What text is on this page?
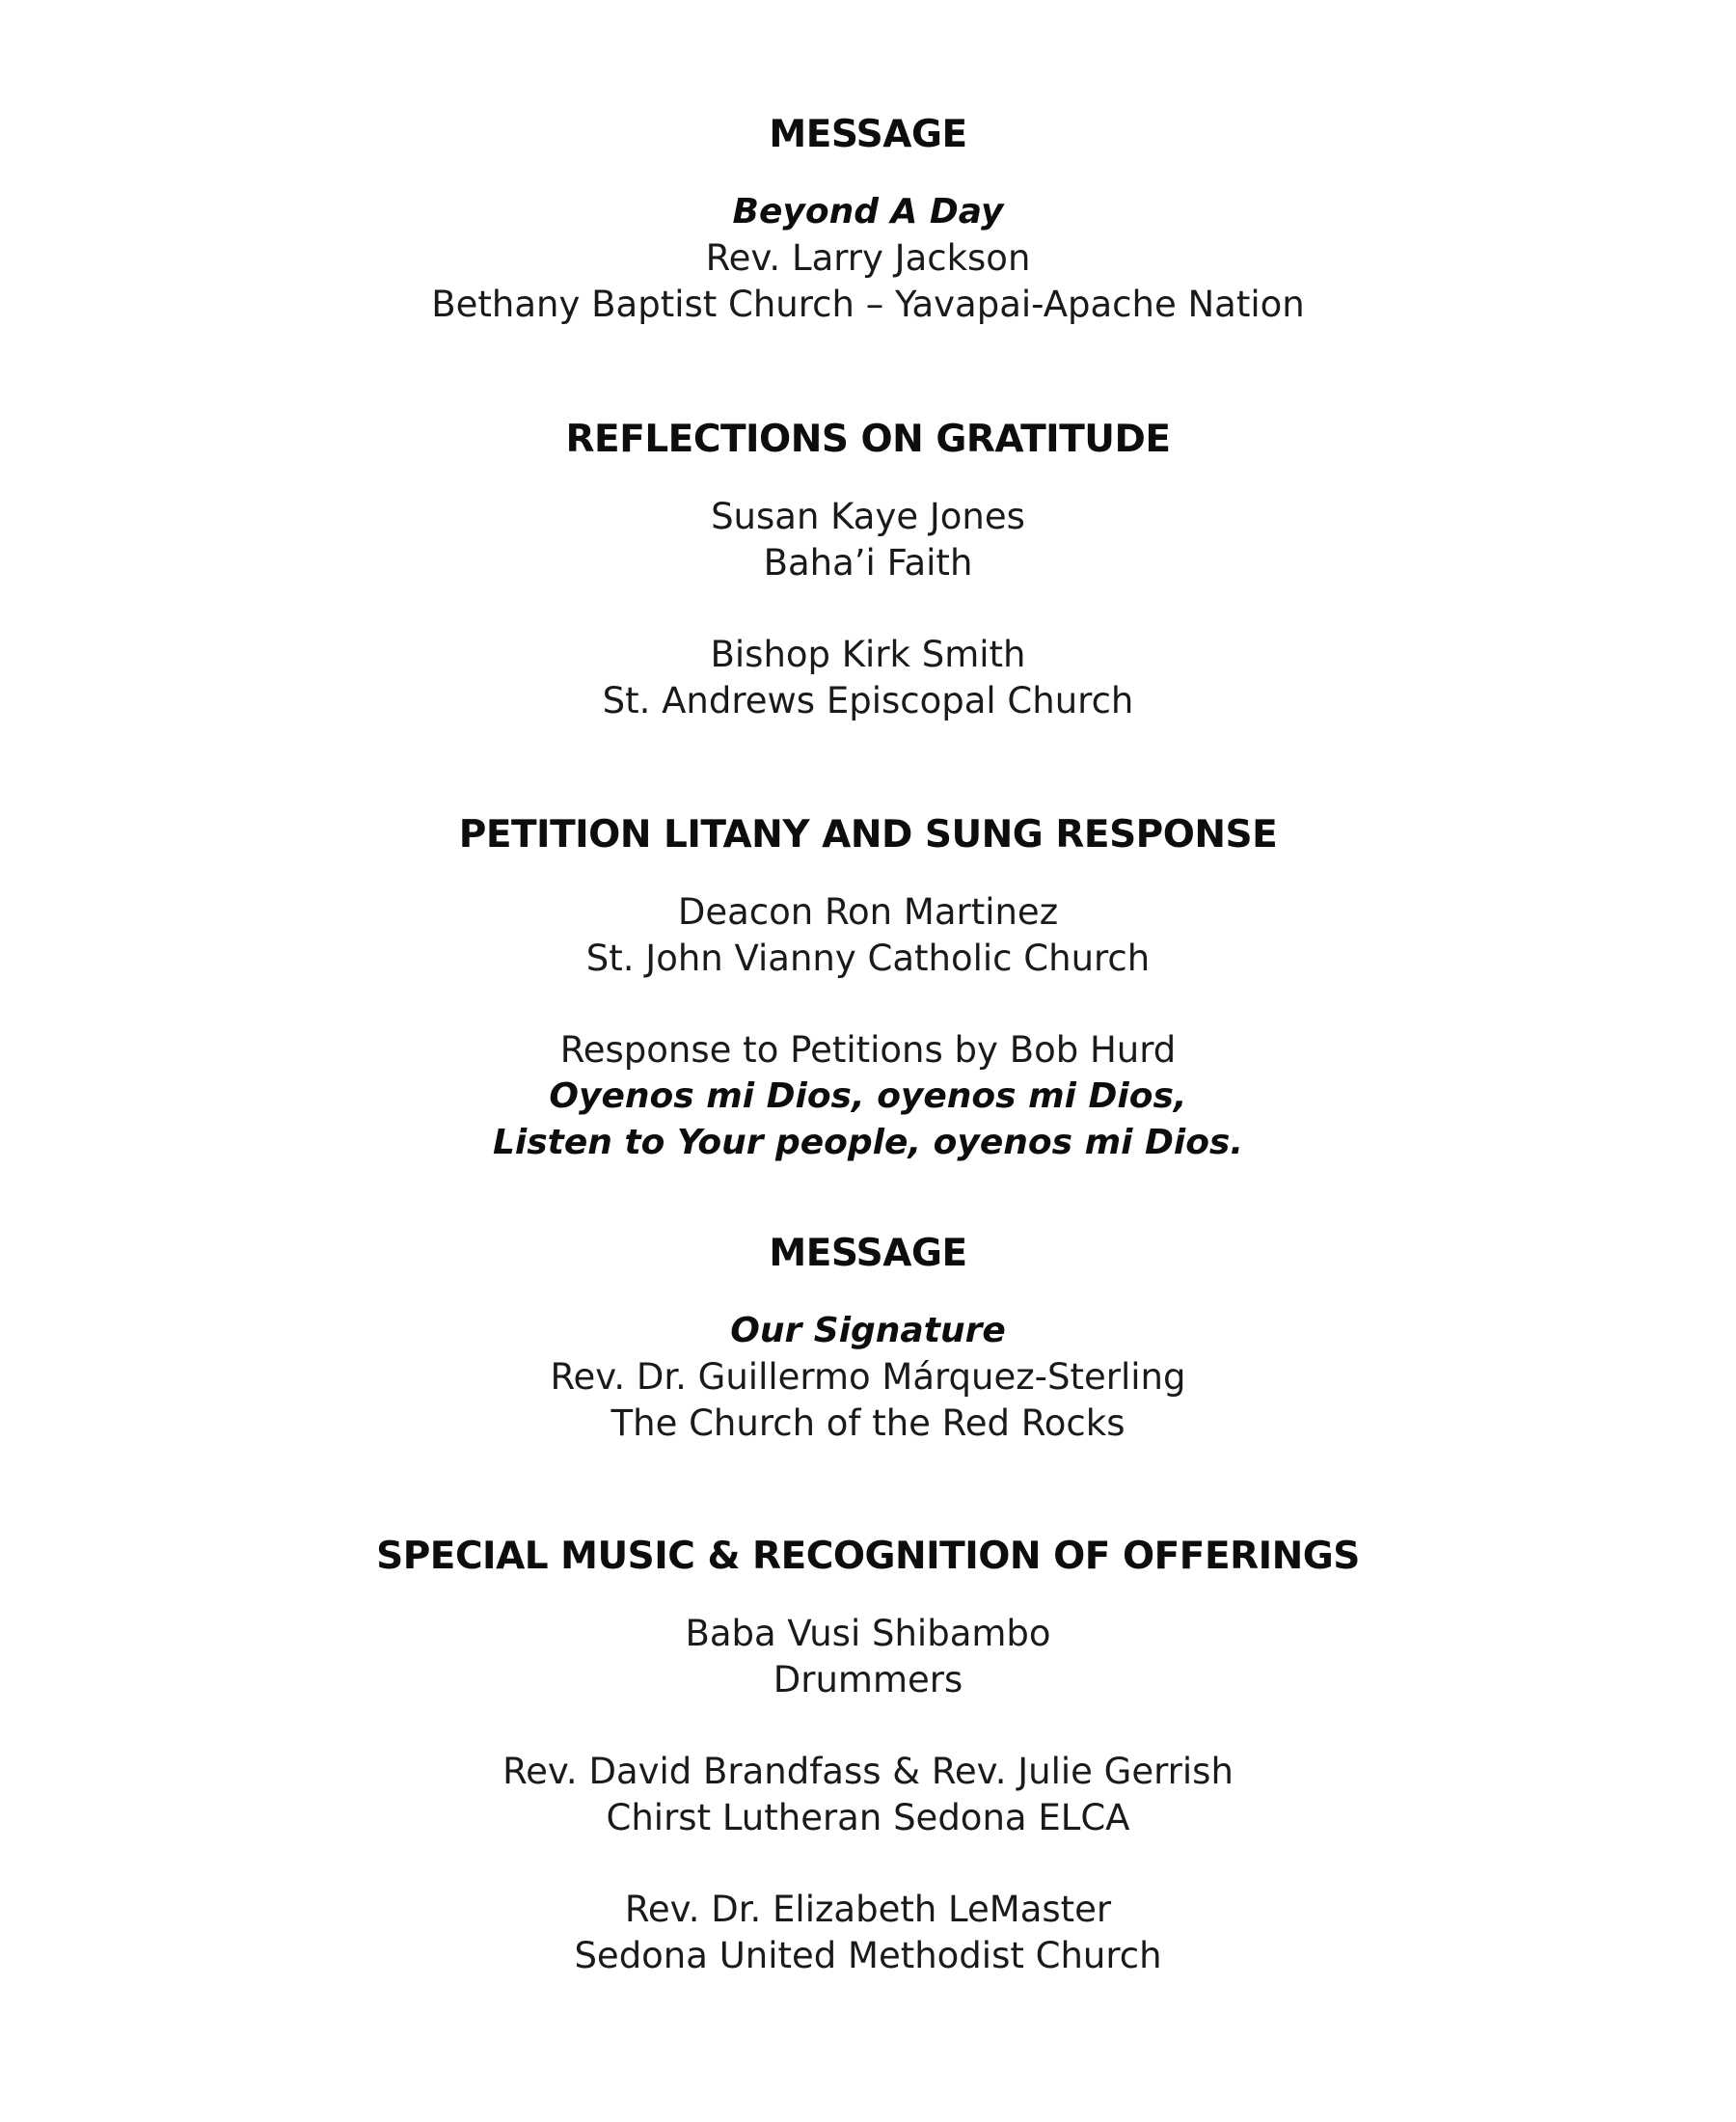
MESSAGE
Beyond A Day
Rev. Larry Jackson
Bethany Baptist Church – Yavapai-Apache Nation
REFLECTIONS ON GRATITUDE
Susan Kaye Jones
Baha’i Faith
Bishop Kirk Smith
St. Andrews Episcopal Church
PETITION LITANY AND SUNG RESPONSE
Deacon Ron Martinez
St. John Vianny Catholic Church
Response to Petitions by Bob Hurd
Oyenos mi Dios, oyenos mi Dios,
Listen to Your people, oyenos mi Dios.
MESSAGE
Our Signature
Rev. Dr. Guillermo Márquez-Sterling
The Church of the Red Rocks
SPECIAL MUSIC & RECOGNITION OF OFFERINGS
Baba Vusi Shibambo
Drummers
Rev. David Brandfass & Rev. Julie Gerrish
Chirst Lutheran Sedona ELCA
Rev. Dr. Elizabeth LeMaster
Sedona United Methodist Church
